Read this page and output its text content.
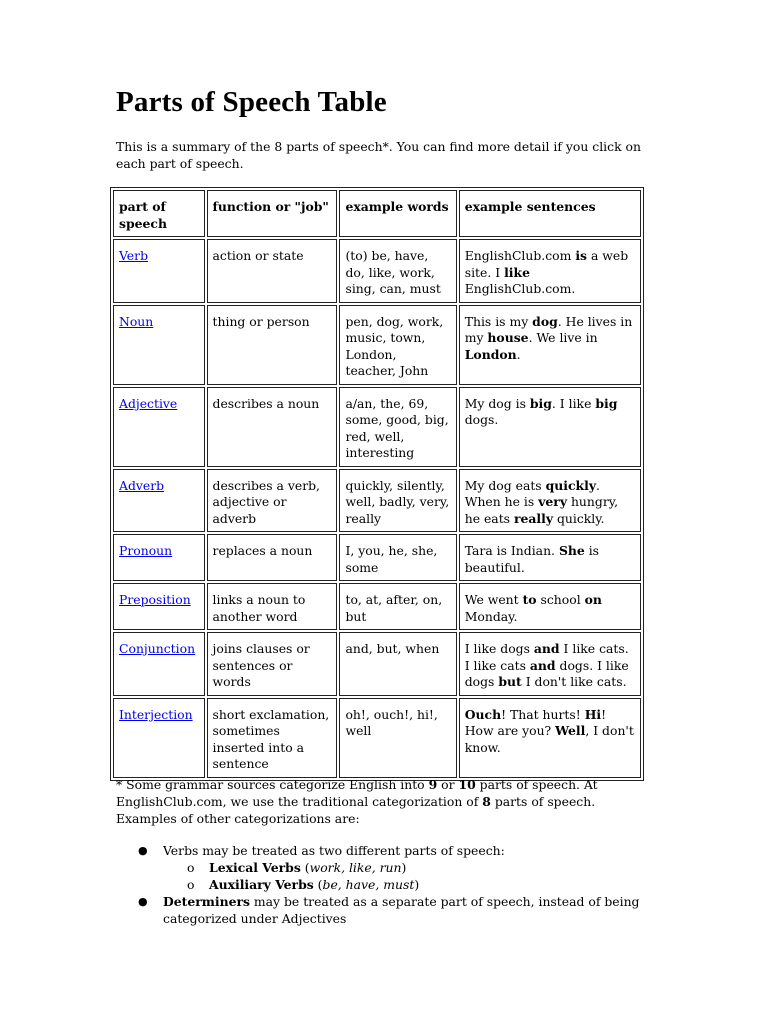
Parts of Speech Table

This is a summary of the 8 parts of speech*. You can find more detail if you click on each part of speech.

part of speech	function or "job"	example words	example sentences
Verb	action or state	(to) be, have, do, like, work, sing, can, must	EnglishClub.com is a web site. I like EnglishClub.com.
Noun	thing or person	pen, dog, work, music, town, London, teacher, John	This is my dog. He lives in my house. We live in London.
Adjective	describes a noun	a/an, the, 69, some, good, big, red, well, interesting	My dog is big. I like big dogs.
Adverb	describes a verb, adjective or adverb	quickly, silently, well, badly, very, really	My dog eats quickly. When he is very hungry, he eats really quickly.
Pronoun	replaces a noun	I, you, he, she, some	Tara is Indian. She is beautiful.
Preposition	links a noun to another word	to, at, after, on, but	We went to school on Monday.
Conjunction	joins clauses or sentences or words	and, but, when	I like dogs and I like cats. I like cats and dogs. I like dogs but I don't like cats.
Interjection	short exclamation, sometimes inserted into a sentence	oh!, ouch!, hi!, well	Ouch! That hurts! Hi! How are you? Well, I don't know.

* Some grammar sources categorize English into 9 or 10 parts of speech. At EnglishClub.com, we use the traditional categorization of 8 parts of speech. Examples of other categorizations are:

● Verbs may be treated as two different parts of speech:
o Lexical Verbs (work, like, run)
o Auxiliary Verbs (be, have, must)
● Determiners may be treated as a separate part of speech, instead of being categorized under Adjectives
